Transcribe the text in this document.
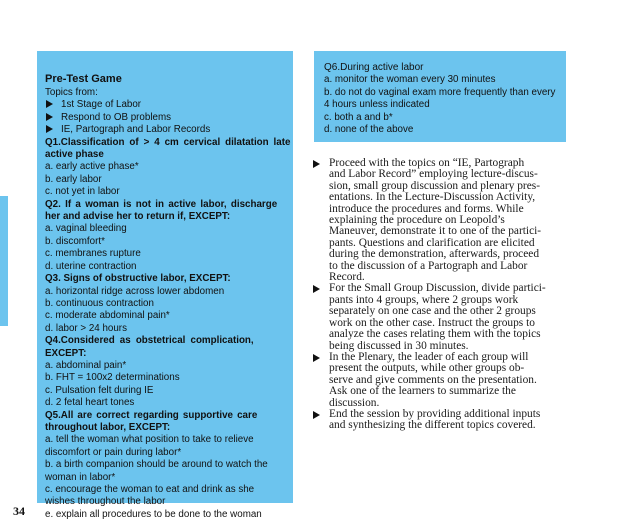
Pre-Test Game
Topics from:
1st Stage of Labor
Respond to OB problems
IE, Partograph and Labor Records
Q1.Classification of > 4 cm cervical dilatation late
active phase
a. early active phase*
b. early labor
c. not yet in labor
Q2. If a woman is not in active labor, discharge
her and advise her to return if, EXCEPT:
a. vaginal bleeding
b. discomfort*
c. membranes rupture
d. uterine contraction
Q3. Signs of obstructive labor, EXCEPT:
a. horizontal ridge across lower abdomen
b. continuous contraction
c. moderate abdominal pain*
d. labor > 24 hours
Q4.Considered as obstetrical complication,
EXCEPT:
a. abdominal pain*
b. FHT = 100x2 determinations
c. Pulsation felt during IE
d. 2 fetal heart tones
Q5.All are correct regarding supportive care
throughout labor, EXCEPT:
a. tell the woman what position to take to relieve
discomfort or pain during labor*
b. a birth companion should be around to watch the
woman in labor*
c. encourage the woman to eat and drink as she
wishes throughout the labor
e. explain all procedures to be done to the woman
Q6.During active labor
a. monitor the woman every 30 minutes
b. do not do vaginal exam more frequently than every
4 hours unless indicated
c. both a and b*
d. none of the above
Proceed with the topics on “IE, Partograph
and Labor Record” employing lecture-discus-
sion, small group discussion and plenary pres-
entations. In the Lecture-Discussion Activity,
introduce the procedures and forms. While
explaining the procedure on Leopold’s
Maneuver, demonstrate it to one of the partici-
pants. Questions and clarification are elicited
during the demonstration, afterwards, proceed
to the discussion of a Partograph and Labor
Record.
For the Small Group Discussion, divide partici-
pants into 4 groups, where 2 groups work
separately on one case and the other 2 groups
work on the other case. Instruct the groups to
analyze the cases relating them with the topics
being discussed in 30 minutes.
In the Plenary, the leader of each group will
present the outputs, while other groups ob-
serve and give comments on the presentation.
Ask one of the learners to summarize the
discussion.
End the session by providing additional inputs
and synthesizing the different topics covered.
34
